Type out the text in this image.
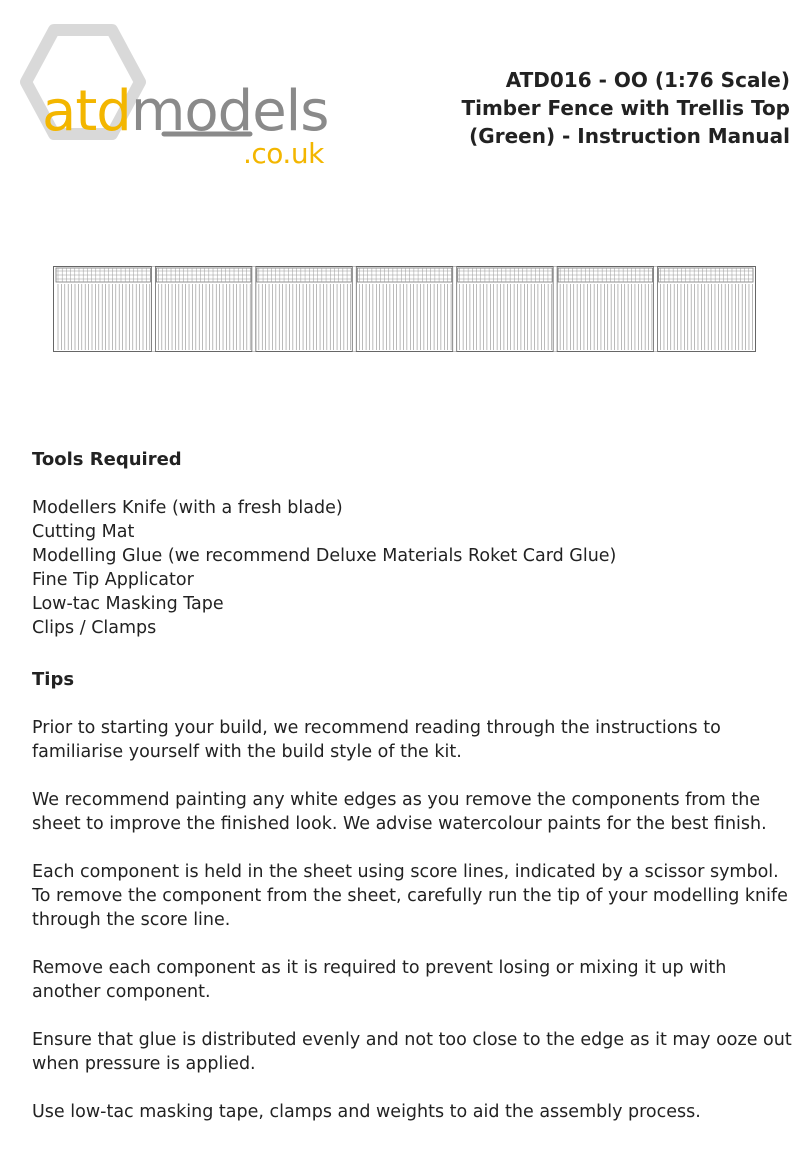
atdmodels
.co.uk
ATD016 - OO (1:76 Scale)
Timber Fence with Trellis Top
(Green) - Instruction Manual
Tools Required
Modellers Knife (with a fresh blade)
Cutting Mat
Modelling Glue (we recommend Deluxe Materials Roket Card Glue)
Fine Tip Applicator
Low-tac Masking Tape
Clips / Clamps
Tips

Prior to starting your build, we recommend reading through the instructions to familiarise yourself with the build style of the kit.

We recommend painting any white edges as you remove the components from the sheet to improve the finished look. We advise watercolour paints for the best finish.

Each component is held in the sheet using score lines, indicated by a scissor symbol. To remove the component from the sheet, carefully run the tip of your modelling knife through the score line.

Remove each component as it is required to prevent losing or mixing it up with another component.

Ensure that glue is distributed evenly and not too close to the edge as it may ooze out when pressure is applied.

Use low-tac masking tape, clamps and weights to aid the assembly process.
